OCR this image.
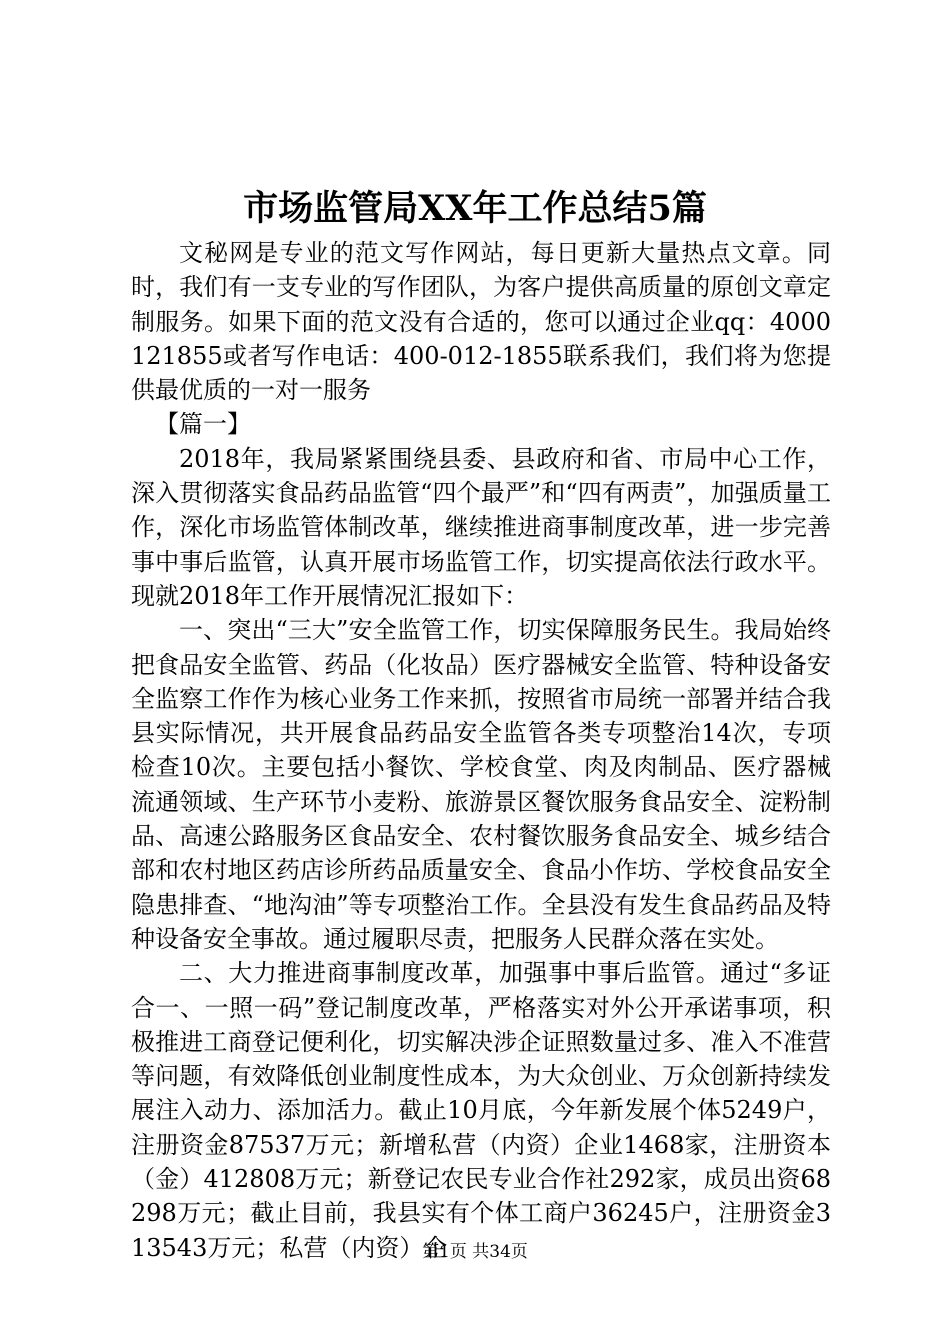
市场监管局XX年工作总结5篇

文秘网是专业的范文写作网站，每日更新大量热点文章。同时，我们有一支专业的写作团队，为客户提供高质量的原创文章定制服务。如果下面的范文没有合适的，您可以通过企业qq：4000121855或者写作电话：400-012-1855联系我们，我们将为您提供最优质的一对一服务

【篇一】

2018年，我局紧紧围绕县委、县政府和省、市局中心工作，深入贯彻落实食品药品监管“四个最严”和“四有两责”，加强质量工作，深化市场监管体制改革，继续推进商事制度改革，进一步完善事中事后监管，认真开展市场监管工作，切实提高依法行政水平。现就2018年工作开展情况汇报如下：

一、突出“三大”安全监管工作，切实保障服务民生。我局始终把食品安全监管、药品（化妆品）医疗器械安全监管、特种设备安全监察工作作为核心业务工作来抓，按照省市局统一部署并结合我县实际情况，共开展食品药品安全监管各类专项整治14次，专项检查10次。主要包括小餐饮、学校食堂、肉及肉制品、医疗器械流通领域、生产环节小麦粉、旅游景区餐饮服务食品安全、淀粉制品、高速公路服务区食品安全、农村餐饮服务食品安全、城乡结合部和农村地区药店诊所药品质量安全、食品小作坊、学校食品安全隐患排查、“地沟油”等专项整治工作。全县没有发生食品药品及特种设备安全事故。通过履职尽责，把服务人民群众落在实处。

二、大力推进商事制度改革，加强事中事后监管。通过“多证合一、一照一码”登记制度改革，严格落实对外公开承诺事项，积极推进工商登记便利化，切实解决涉企证照数量过多、准入不准营等问题，有效降低创业制度性成本，为大众创业、万众创新持续发展注入动力、添加活力。截止10月底，今年新发展个体5249户，注册资金87537万元；新增私营（内资）企业1468家，注册资本（金）412808万元；新登记农民专业合作社292家，成员出资68298万元；截止目前，我县实有个体工商户36245户，注册资金313543万元；私营（内资）企

第1页 共34页
